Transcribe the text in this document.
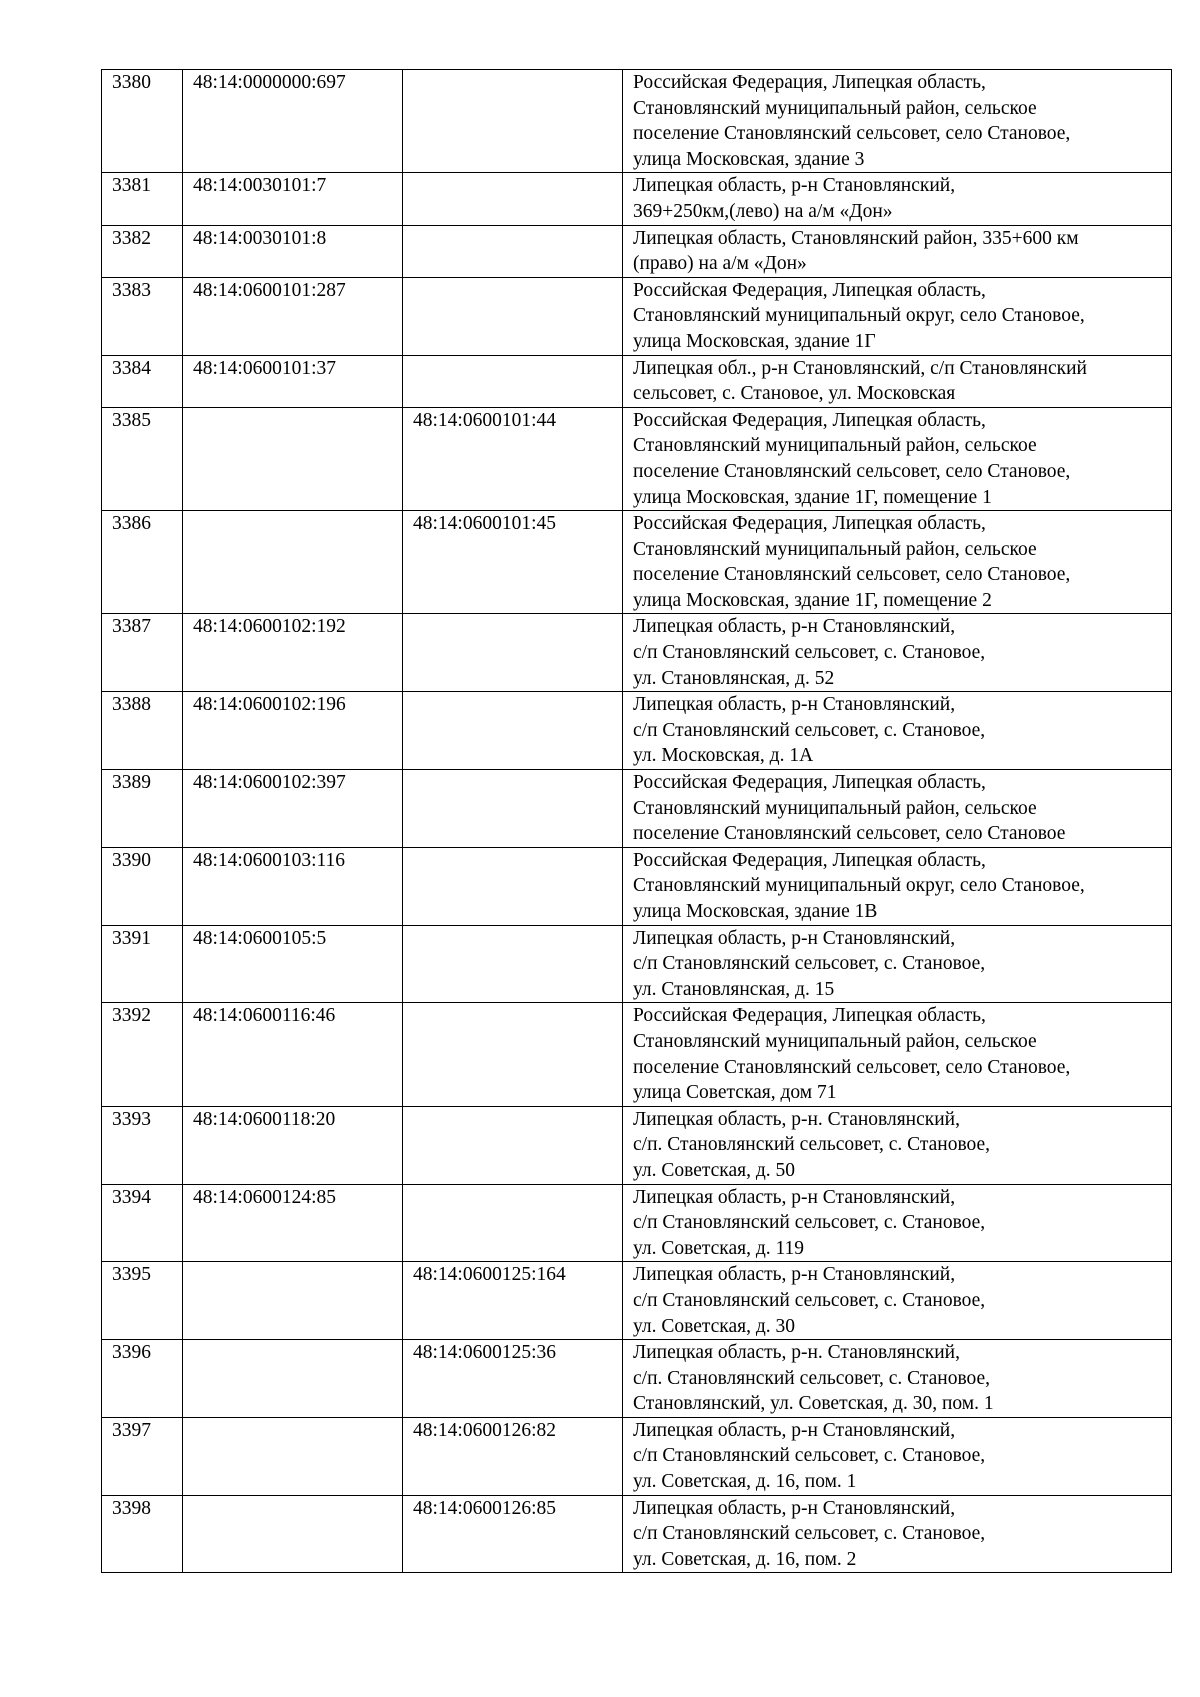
3380	48:14:0000000:697		Российская Федерация, Липецкая область,
Становлянский муниципальный район, сельское
поселение Становлянский сельсовет, село Становое,
улица Московская, здание 3
3381	48:14:0030101:7		Липецкая область, р-н Становлянский,
369+250км,(лево) на а/м «Дон»
3382	48:14:0030101:8		Липецкая область, Становлянский район, 335+600 км
(право) на а/м «Дон»
3383	48:14:0600101:287		Российская Федерация, Липецкая область,
Становлянский муниципальный округ, село Становое,
улица Московская, здание 1Г
3384	48:14:0600101:37		Липецкая обл., р-н Становлянский, с/п Становлянский
сельсовет, с. Становое, ул. Московская
3385		48:14:0600101:44	Российская Федерация, Липецкая область,
Становлянский муниципальный район, сельское
поселение Становлянский сельсовет, село Становое,
улица Московская, здание 1Г, помещение 1
3386		48:14:0600101:45	Российская Федерация, Липецкая область,
Становлянский муниципальный район, сельское
поселение Становлянский сельсовет, село Становое,
улица Московская, здание 1Г, помещение 2
3387	48:14:0600102:192		Липецкая область, р-н Становлянский,
с/п Становлянский сельсовет, с. Становое,
ул. Становлянская, д. 52
3388	48:14:0600102:196		Липецкая область, р-н Становлянский,
с/п Становлянский сельсовет, с. Становое,
ул. Московская, д. 1А
3389	48:14:0600102:397		Российская Федерация, Липецкая область,
Становлянский муниципальный район, сельское
поселение Становлянский сельсовет, село Становое
3390	48:14:0600103:116		Российская Федерация, Липецкая область,
Становлянский муниципальный округ, село Становое,
улица Московская, здание 1В
3391	48:14:0600105:5		Липецкая область, р-н Становлянский,
с/п Становлянский сельсовет, с. Становое,
ул. Становлянская, д. 15
3392	48:14:0600116:46		Российская Федерация, Липецкая область,
Становлянский муниципальный район, сельское
поселение Становлянский сельсовет, село Становое,
улица Советская, дом 71
3393	48:14:0600118:20		Липецкая область, р-н. Становлянский,
с/п. Становлянский сельсовет, с. Становое,
ул. Советская, д. 50
3394	48:14:0600124:85		Липецкая область, р-н Становлянский,
с/п Становлянский сельсовет, с. Становое,
ул. Советская, д. 119
3395		48:14:0600125:164	Липецкая область, р-н Становлянский,
с/п Становлянский сельсовет, с. Становое,
ул. Советская, д. 30
3396		48:14:0600125:36	Липецкая область, р-н. Становлянский,
с/п. Становлянский сельсовет, с. Становое,
Становлянский, ул. Советская, д. 30, пом. 1
3397		48:14:0600126:82	Липецкая область, р-н Становлянский,
с/п Становлянский сельсовет, с. Становое,
ул. Советская, д. 16, пом. 1
3398		48:14:0600126:85	Липецкая область, р-н Становлянский,
с/п Становлянский сельсовет, с. Становое,
ул. Советская, д. 16, пом. 2
